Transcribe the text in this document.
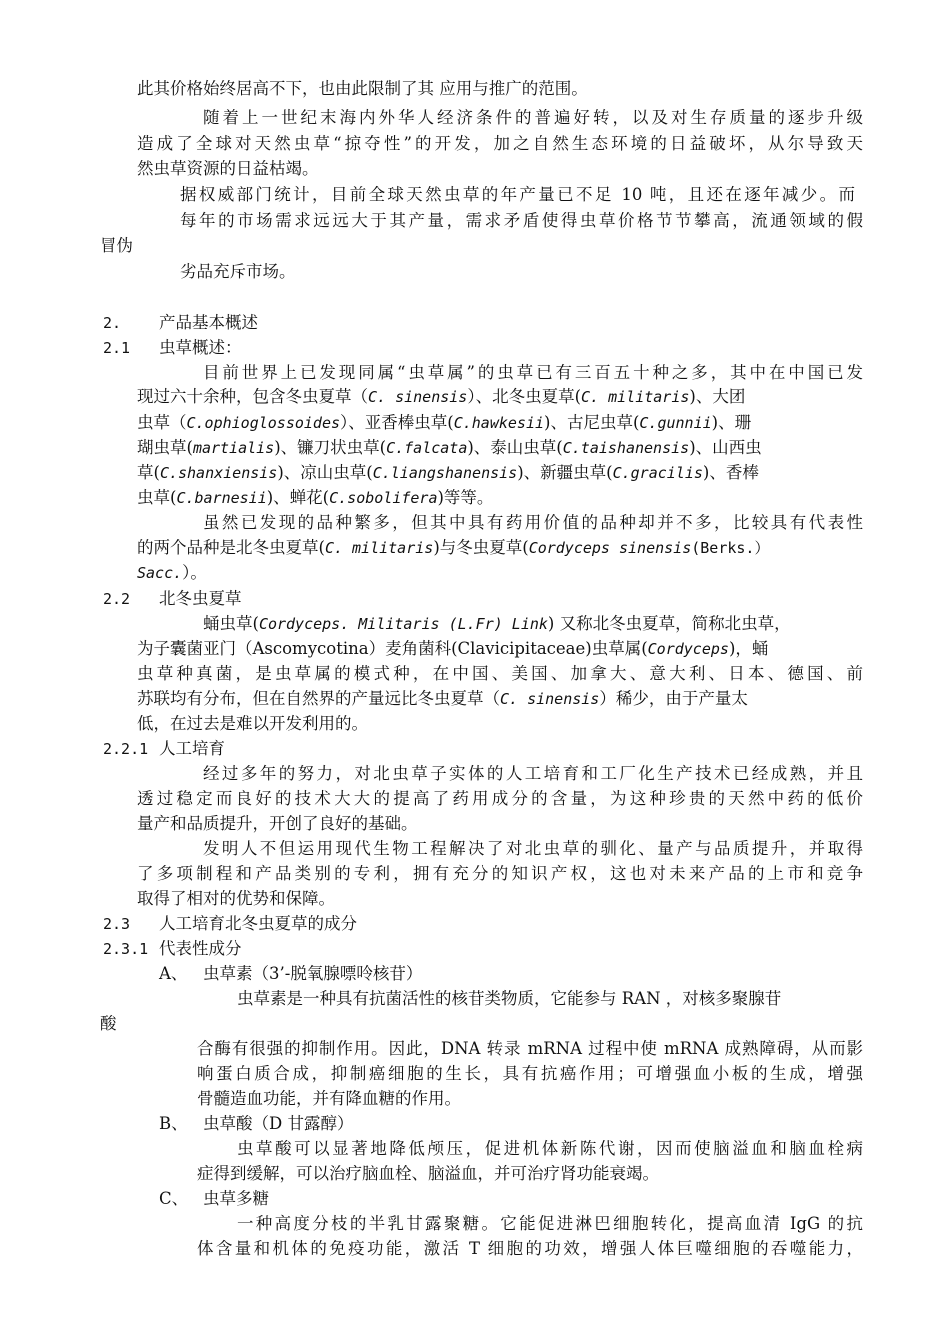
此其价格始终居高不下，也由此限制了其 应用与推广的范围。
随着上一世纪末海内外华人经济条件的普遍好转，以及对生存质量的逐步升级
造成了全球对天然虫草“掠夺性”的开发，加之自然生态环境的日益破坏，从尔导致天
然虫草资源的日益枯竭。
据权威部门统计，目前全球天然虫草的年产量已不足 10 吨，且还在逐年减少。而
每年的市场需求远远大于其产量，需求矛盾使得虫草价格节节攀高，流通领域的假
冒伪
劣品充斥市场。
2. 产品基本概述
2.1 虫草概述：
目前世界上已发现同属“虫草属”的虫草已有三百五十种之多，其中在中国已发
现过六十余种，包含冬虫夏草（C. sinensis）、北冬虫夏草(C. militaris)、大团
虫草（C.ophioglossoides）、亚香棒虫草(C.hawkesii)、古尼虫草(C.gunnii)、珊
瑚虫草(martialis)、镰刀状虫草(C.falcata)、泰山虫草(C.taishanensis)、山西虫
草(C.shanxiensis)、凉山虫草(C.liangshanensis)、新疆虫草(C.gracilis)、香棒
虫草(C.barnesii)、蝉花(C.sobolifera)等等。
虽然已发现的品种繁多，但其中具有药用价值的品种却并不多，比较具有代表性
的两个品种是北冬虫夏草(C. militaris)与冬虫夏草(Cordyceps sinensis(Berks.）
Sacc.）。
2.2 北冬虫夏草
蛹虫草(Cordyceps. Militaris (L.Fr) Link) 又称北冬虫夏草，简称北虫草，
为子囊菌亚门（Ascomycotina）麦角菌科(Clavicipitaceae)虫草属(Cordyceps)，蛹
虫草种真菌，是虫草属的模式种，在中国、美国、加拿大、意大利、日本、德国、前
苏联均有分布，但在自然界的产量远比冬虫夏草（C. sinensis）稀少，由于产量太
低，在过去是难以开发利用的。
2.2.1 人工培育
经过多年的努力，对北虫草子实体的人工培育和工厂化生产技术已经成熟，并且
透过稳定而良好的技术大大的提高了药用成分的含量，为这种珍贵的天然中药的低价
量产和品质提升，开创了良好的基础。
发明人不但运用现代生物工程解决了对北虫草的驯化、量产与品质提升，并取得
了多项制程和产品类别的专利，拥有充分的知识产权，这也对未来产品的上市和竞争
取得了相对的优势和保障。
2.3 人工培育北冬虫夏草的成分
2.3.1 代表性成分
A、 虫草素（3’-脱氧腺嘌呤核苷）
虫草素是一种具有抗菌活性的核苷类物质，它能参与 RAN ，对核多聚腺苷
酸
合酶有很强的抑制作用。因此，DNA 转录 mRNA 过程中使 mRNA 成熟障碍，从而影
响蛋白质合成，抑制癌细胞的生长，具有抗癌作用；可增强血小板的生成，增强
骨髓造血功能，并有降血糖的作用。
B、 虫草酸（D 甘露醇）
虫草酸可以显著地降低颅压，促进机体新陈代谢，因而使脑溢血和脑血栓病
症得到缓解，可以治疗脑血栓、脑溢血，并可治疗肾功能衰竭。
C、 虫草多糖
一种高度分枝的半乳甘露聚糖。它能促进淋巴细胞转化，提高血清 IgG 的抗
体含量和机体的免疫功能，激活 T 细胞的功效，增强人体巨噬细胞的吞噬能力，
